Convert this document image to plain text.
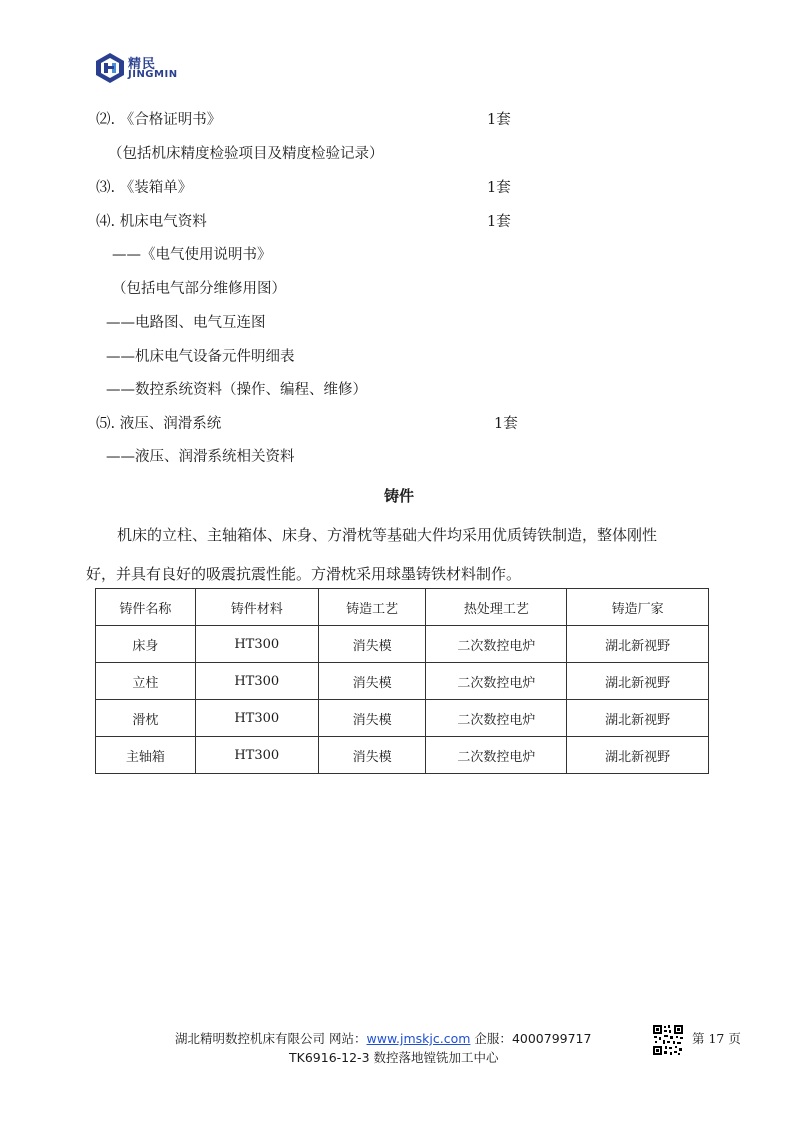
精民
JINGMIN
⑵. 《合格证明书》	1套
（包括机床精度检验项目及精度检验记录）
⑶. 《装箱单》	1套
⑷. 机床电气资料	1套
——《电气使用说明书》
（包括电气部分维修用图）
——电路图、电气互连图
——机床电气设备元件明细表
——数控系统资料（操作、编程、维修）
⑸. 液压、润滑系统	1套
——液压、润滑系统相关资料
铸件
机床的立柱、主轴箱体、床身、方滑枕等基础大件均采用优质铸铁制造，整体刚性
好，并具有良好的吸震抗震性能。方滑枕采用球墨铸铁材料制作。
铸件名称	铸件材料	铸造工艺	热处理工艺	铸造厂家
床身	HT300	消失模	二次数控电炉	湖北新视野
立柱	HT300	消失模	二次数控电炉	湖北新视野
滑枕	HT300	消失模	二次数控电炉	湖北新视野
主轴箱	HT300	消失模	二次数控电炉	湖北新视野
湖北精明数控机床有限公司 网站：www.jmskjc.com 企服：4000799717
TK6916-12-3 数控落地镗铣加工中心
第 17 页
